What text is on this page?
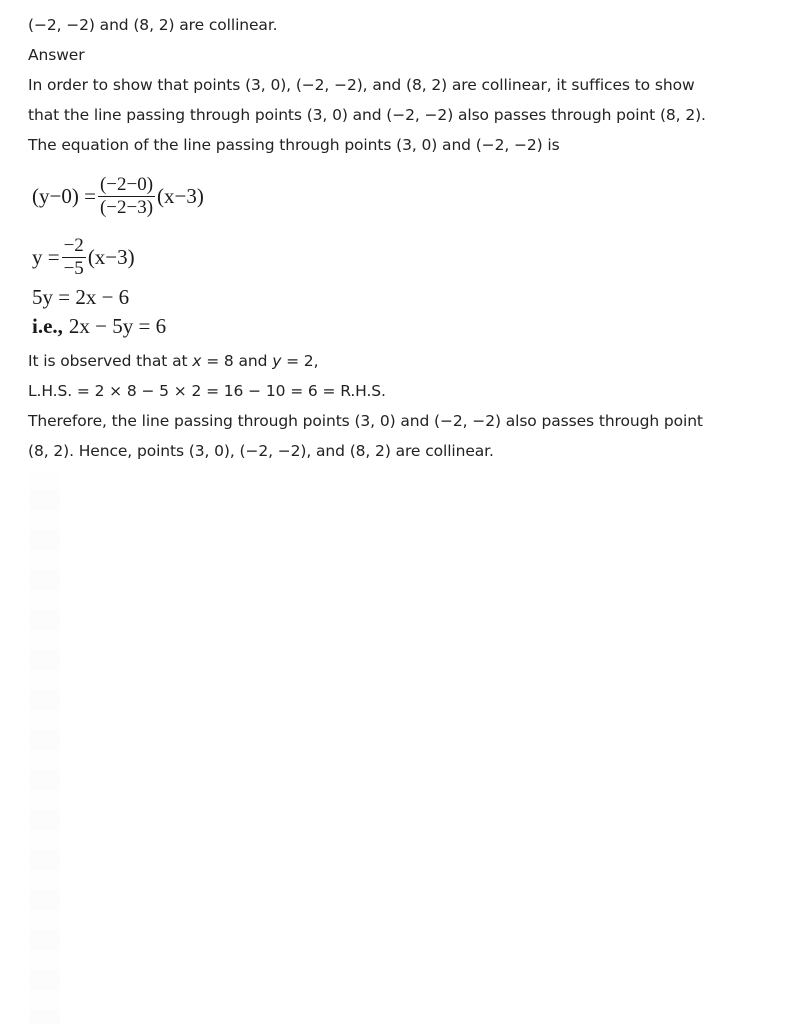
(−2, −2) and (8, 2) are collinear.
Answer
In order to show that points (3, 0), (−2, −2), and (8, 2) are collinear, it suffices to show
that the line passing through points (3, 0) and (−2, −2) also passes through point (8, 2).
The equation of the line passing through points (3, 0) and (−2, −2) is
$(y-0) = \frac{(-2-0)}{(-2-3)} (x-3)$
$y = \frac{-2}{-5} (x-3)$
5y = 2x − 6
i.e., 2x − 5y = 6
It is observed that at x = 8 and y = 2,
L.H.S. = 2 × 8 − 5 × 2 = 16 − 10 = 6 = R.H.S.
Therefore, the line passing through points (3, 0) and (−2, −2) also passes through point
(8, 2). Hence, points (3, 0), (−2, −2), and (8, 2) are collinear.
